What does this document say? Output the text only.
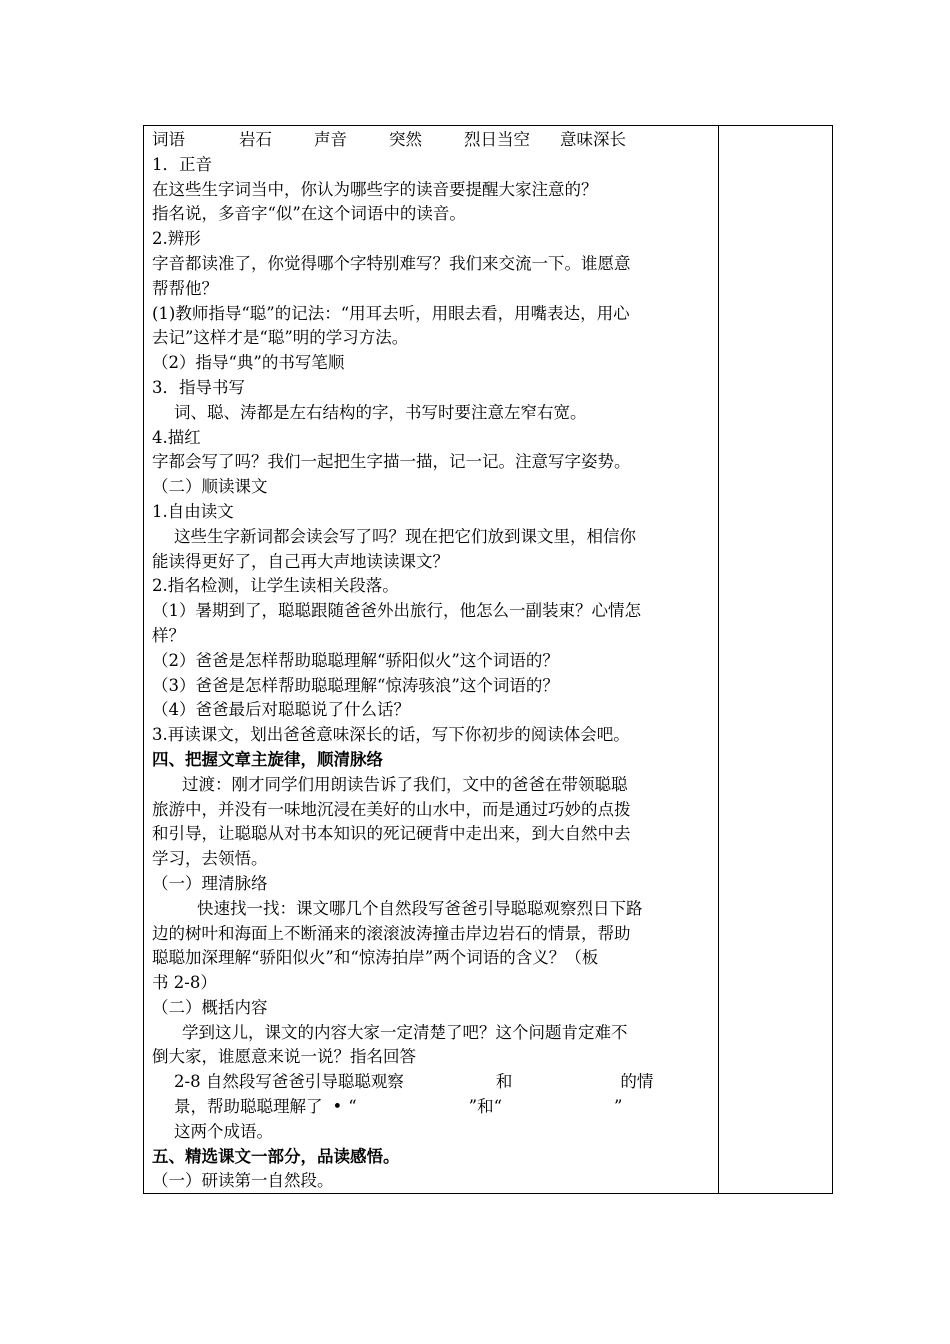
词语	岩石	声音	突然	烈日当空 意味深长
1．正音
在这些生字词当中，你认为哪些字的读音要提醒大家注意的？
指名说，多音字“似”在这个词语中的读音。
2.辨形
字音都读准了，你觉得哪个字特别难写？我们来交流一下。谁愿意
帮帮他？
(1)教师指导“聪”的记法：“用耳去听，用眼去看，用嘴表达，用心
去记”这样才是“聪”明的学习方法。
（2）指导“典”的书写笔顺
3．指导书写
词、聪、涛都是左右结构的字，书写时要注意左窄右宽。
4.描红
字都会写了吗？我们一起把生字描一描，记一记。注意写字姿势。
（二）顺读课文
1.自由读文
这些生字新词都会读会写了吗？现在把它们放到课文里，相信你
能读得更好了，自己再大声地读读课文？
2.指名检测，让学生读相关段落。
（1）暑期到了，聪聪跟随爸爸外出旅行，他怎么一副装束？心情怎
样？
（2）爸爸是怎样帮助聪聪理解“骄阳似火”这个词语的？
（3）爸爸是怎样帮助聪聪理解“惊涛骇浪”这个词语的？
（4）爸爸最后对聪聪说了什么话？
3.再读课文，划出爸爸意味深长的话，写下你初步的阅读体会吧。
四、把握文章主旋律，顺清脉络
过渡：刚才同学们用朗读告诉了我们，文中的爸爸在带领聪聪
旅游中，并没有一味地沉浸在美好的山水中，而是通过巧妙的点拨
和引导，让聪聪从对书本知识的死记硬背中走出来，到大自然中去
学习，去领悟。
（一）理清脉络
快速找一找：课文哪几个自然段写爸爸引导聪聪观察烈日下路
边的树叶和海面上不断涌来的滚滚波涛撞击岸边岩石的情景，帮助
聪聪加深理解“骄阳似火”和“惊涛拍岸”两个词语的含义？（板
书 2-8）
（二）概括内容
学到这儿，课文的内容大家一定清楚了吧？这个问题肯定难不
倒大家，谁愿意来说一说？指名回答
2-8 自然段写爸爸引导聪聪观察	和	的情
景，帮助聪聪理解了 • “	”和“	”
这两个成语。
五、精选课文一部分，品读感悟。
（一）研读第一自然段。
